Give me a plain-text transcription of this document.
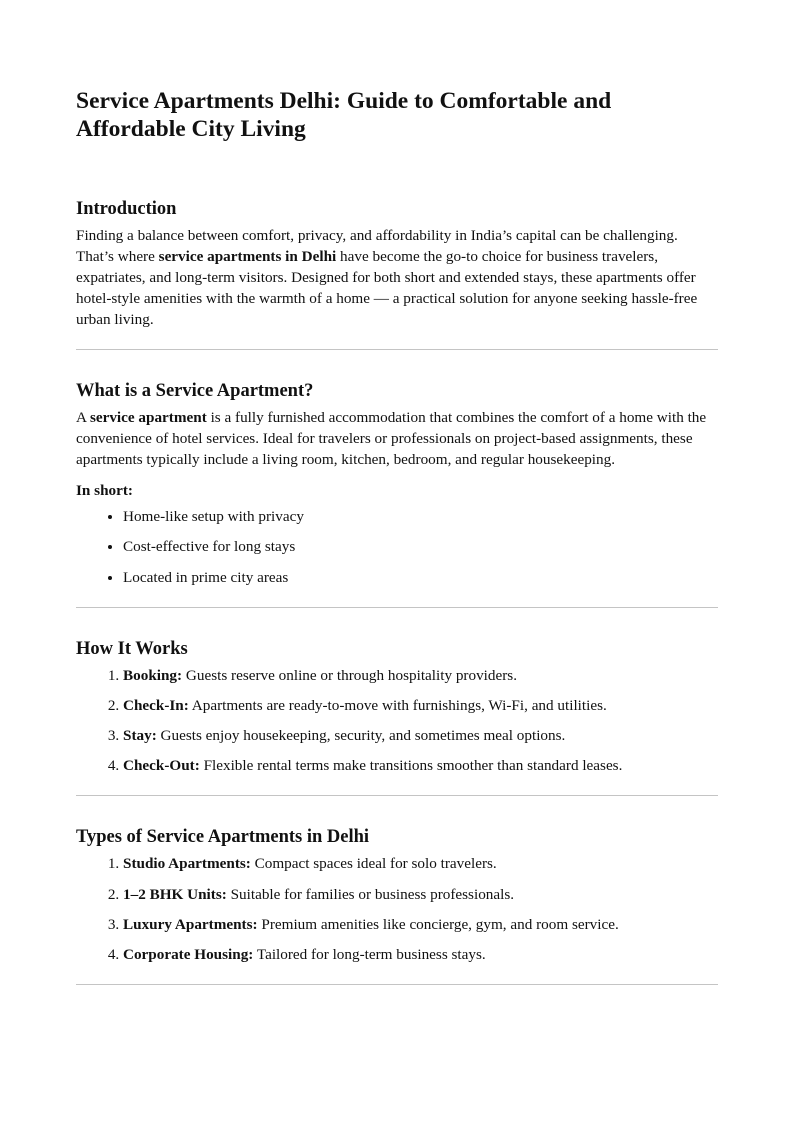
Service Apartments Delhi: Guide to Comfortable and Affordable City Living
Introduction

Finding a balance between comfort, privacy, and affordability in India’s capital can be challenging. That’s where service apartments in Delhi have become the go-to choice for business travelers, expatriates, and long-term visitors. Designed for both short and extended stays, these apartments offer hotel-style amenities with the warmth of a home — a practical solution for anyone seeking hassle-free urban living.

What is a Service Apartment?

A service apartment is a fully furnished accommodation that combines the comfort of a home with the convenience of hotel services. Ideal for travelers or professionals on project-based assignments, these apartments typically include a living room, kitchen, bedroom, and regular housekeeping.

In short:

• Home-like setup with privacy
• Cost-effective for long stays
• Located in prime city areas
How It Works
1. Booking: Guests reserve online or through hospitality providers.
2. Check-In: Apartments are ready-to-move with furnishings, Wi-Fi, and utilities.
3. Stay: Guests enjoy housekeeping, security, and sometimes meal options.
4. Check-Out: Flexible rental terms make transitions smoother than standard leases.
Types of Service Apartments in Delhi
1. Studio Apartments: Compact spaces ideal for solo travelers.
2. 1–2 BHK Units: Suitable for families or business professionals.
3. Luxury Apartments: Premium amenities like concierge, gym, and room service.
4. Corporate Housing: Tailored for long-term business stays.
